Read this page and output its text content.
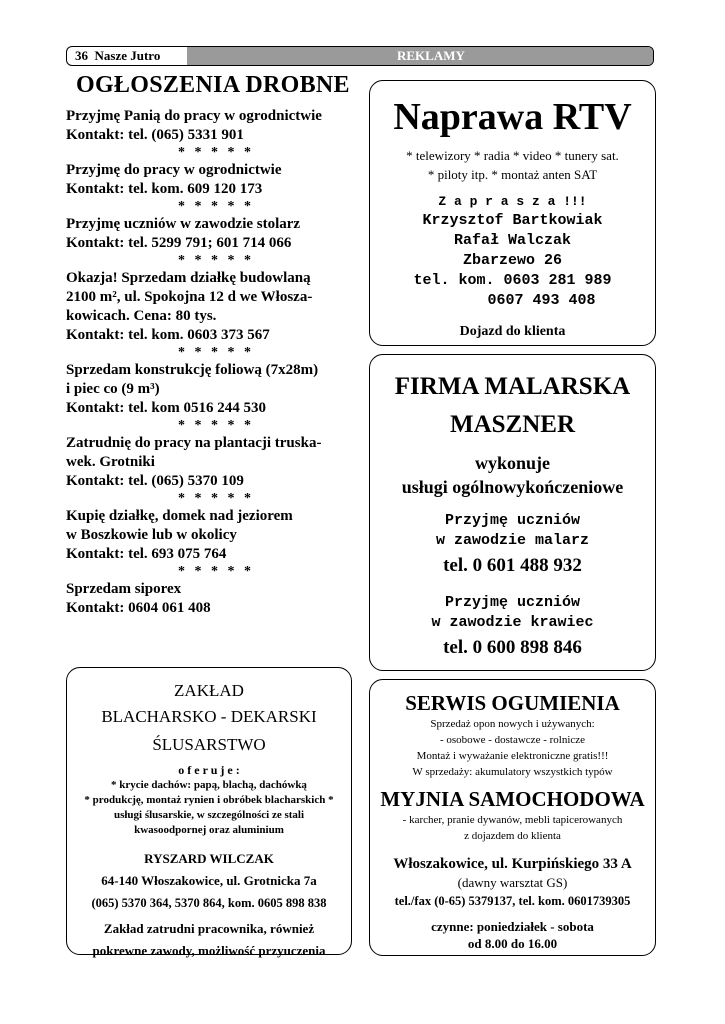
36 Nasze Jutro	REKLAMY
OGŁOSZENIA DROBNE
Przyjmę Panią do pracy w ogrodnictwie
Kontakt: tel. (065) 5331 901
* * * * *
Przyjmę do pracy w ogrodnictwie
Kontakt: tel. kom. 609 120 173
* * * * *
Przyjmę uczniów w zawodzie stolarz
Kontakt: tel. 5299 791; 601 714 066
* * * * *
Okazja! Sprzedam działkę budowlaną
2100 m², ul. Spokojna 12 d we Włosza-
kowicach. Cena: 80 tys.
Kontakt: tel. kom. 0603 373 567
* * * * *
Sprzedam konstrukcję foliową (7x28m)
i piec co (9 m³)
Kontakt: tel. kom 0516 244 530
* * * * *
Zatrudnię do pracy na plantacji truska-
wek. Grotniki
Kontakt: tel. (065) 5370 109
* * * * *
Kupię działkę, domek nad jeziorem
w Boszkowie lub w okolicy
Kontakt: tel. 693 075 764
* * * * *
Sprzedam siporex
Kontakt: 0604 061 408
Naprawa RTV
* telewizory * radia * video * tunery sat.
* piloty itp. * montaż anten SAT
Z a p r a s z a !!!
Krzysztof Bartkowiak
Rafał Walczak
Zbarzewo 26
tel. kom. 0603 281 989
0607 493 408
Dojazd do klienta
FIRMA MALARSKA
MASZNER
wykonuje
usługi ogólnowykończeniowe
Przyjmę uczniów
w zawodzie malarz
tel. 0 601 488 932
Przyjmę uczniów
w zawodzie krawiec
tel. 0 600 898 846
ZAKŁAD
BLACHARSKO - DEKARSKI
ŚLUSARSTWO
o f e r u j e :
* krycie dachów: papą, blachą, dachówką
* produkcję, montaż rynien i obróbek blacharskich *
usługi ślusarskie, w szczególności ze stali
kwasoodpornej oraz aluminium
RYSZARD WILCZAK
64-140 Włoszakowice, ul. Grotnicka 7a
(065) 5370 364, 5370 864, kom. 0605 898 838
Zakład zatrudni pracownika, również
pokrewne zawody, możliwość przyuczenia
SERWIS OGUMIENIA
Sprzedaż opon nowych i używanych:
- osobowe - dostawcze - rolnicze
Montaż i wyważanie elektroniczne gratis!!!
W sprzedaży: akumulatory wszystkich typów
MYJNIA SAMOCHODOWA
- karcher, pranie dywanów, mebli tapicerowanych
z dojazdem do klienta
Włoszakowice, ul. Kurpińskiego 33 A
(dawny warsztat GS)
tel./fax (0-65) 5379137, tel. kom. 0601739305
czynne: poniedziałek - sobota
od 8.00 do 16.00
